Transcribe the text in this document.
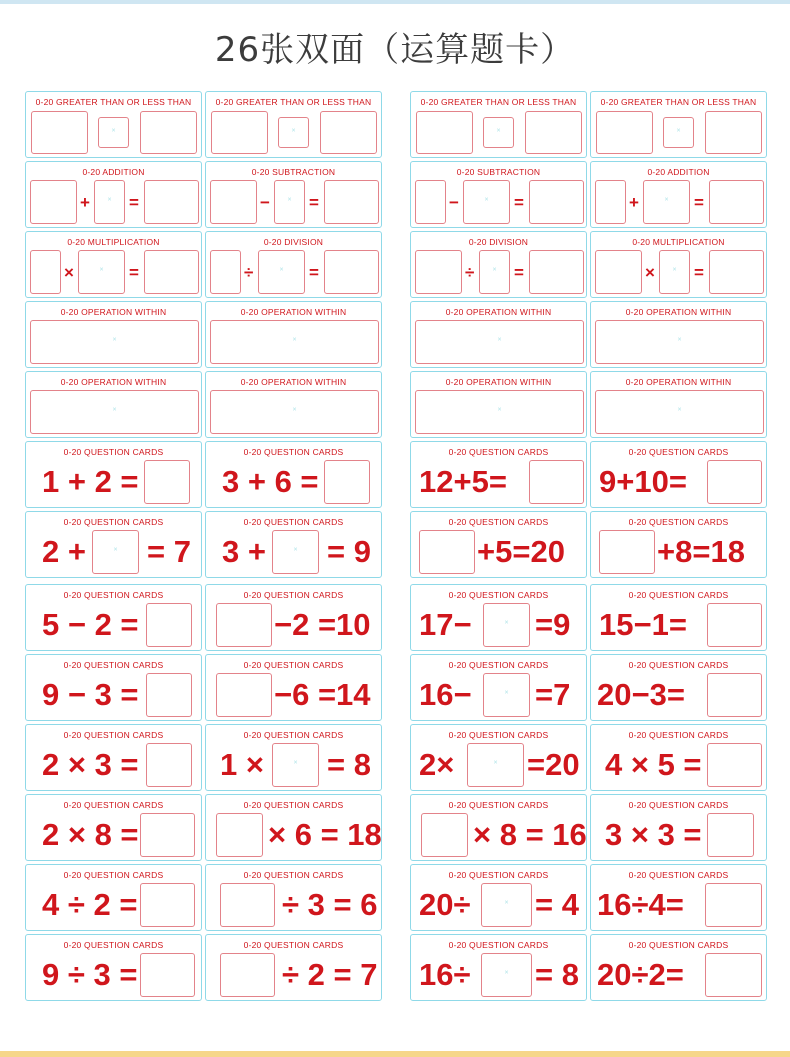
26张双面（运算题卡）
0-20 GREATER THAN OR LESS THAN
×
0-20 GREATER THAN OR LESS THAN
×
0-20 ADDITION
+	× =
0-20 SUBTRACTION
−	× =
0-20 MULTIPLICATION
×	× =
0-20 DIVISION
÷	× =
0-20 OPERATION WITHIN
×
0-20 OPERATION WITHIN
×
0-20 OPERATION WITHIN
×
0-20 OPERATION WITHIN
×
0-20 QUESTION CARDS
1 + 2 =
0-20 QUESTION CARDS
3 + 6 =
0-20 QUESTION CARDS
2 +	× = 7
0-20 QUESTION CARDS
3 +	× = 9
0-20 QUESTION CARDS
5 − 2 =
0-20 QUESTION CARDS
−2 =10
0-20 QUESTION CARDS
9 − 3 =
0-20 QUESTION CARDS
−6 =14
0-20 QUESTION CARDS
2 × 3 =
0-20 QUESTION CARDS
1 ×	× = 8
0-20 QUESTION CARDS
2 × 8 =
0-20 QUESTION CARDS
× 6 = 18
0-20 QUESTION CARDS
4 ÷ 2 =
0-20 QUESTION CARDS
÷ 3 = 6
0-20 QUESTION CARDS
9 ÷ 3 =
0-20 QUESTION CARDS
÷ 2 = 7
0-20 GREATER THAN OR LESS THAN
×
0-20 GREATER THAN OR LESS THAN
×
0-20 SUBTRACTION
−	× =
0-20 ADDITION
+	× =
0-20 DIVISION
÷	× =
0-20 MULTIPLICATION
×	× =
0-20 OPERATION WITHIN
×
0-20 OPERATION WITHIN
×
0-20 OPERATION WITHIN
×
0-20 OPERATION WITHIN
×
0-20 QUESTION CARDS
12+5=
0-20 QUESTION CARDS
9+10=
0-20 QUESTION CARDS
+5=20
0-20 QUESTION CARDS
+8=18
0-20 QUESTION CARDS
17−	× =9
0-20 QUESTION CARDS
15−1=
0-20 QUESTION CARDS
16−	× =7
0-20 QUESTION CARDS
20−3=
0-20 QUESTION CARDS
2×	× =20
0-20 QUESTION CARDS
4 × 5 =
0-20 QUESTION CARDS
× 8 = 16
0-20 QUESTION CARDS
3 × 3 =
0-20 QUESTION CARDS
20÷	× = 4
0-20 QUESTION CARDS
16÷4=
0-20 QUESTION CARDS
16÷	× = 8
0-20 QUESTION CARDS
20÷2=
